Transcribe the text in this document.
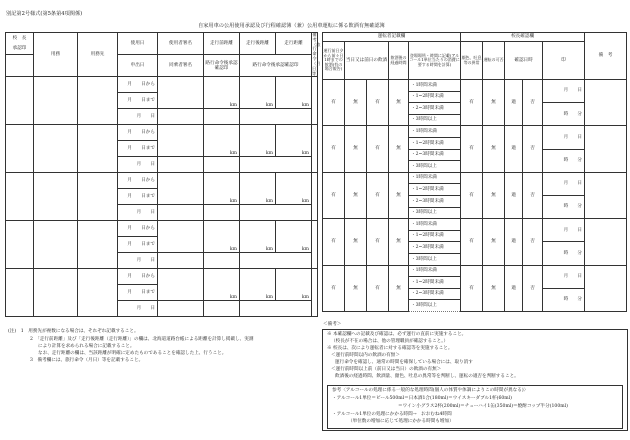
別記第2号様式(第5条第4項関係)
自家用車の公用使用承認及び行程確認簿（兼）公用車運転に係る飲酒有無確認簿
校　長

承認印	用務	用務先	使用日	使用者署名	走行前距離	走行後距離	走行距離	備　考（旅行命令（月日）等）
			申出日	同乗者署名	路行命令後承認確認印	路行命令後承認確認印		
			月　　日から		km	km	km	
			月　　日まで					
			月　　日					
			月　　日から		km	km	km	
			月　　日まで					
			月　　日					
			月　　日から		km	km	km	
			月　　日まで					
			月　　日					
			月　　日から		km	km	km	
			月　　日まで					
			月　　日					
			月　　日から		km	km	km	
			月　　日まで					
			月　　日					
運転者記載欄				校長確認欄				備　考
運行前日夕から前々日1時までの飲酒(有の場合報告)	当日又は前日の飲酒	飲酒後の経過時間	登場場所・時間に記載(アルコール1単位当たりの消費に要する時間を計算)	顔色、吐息等の異常	運転の可否	確認日時	印	
有	無	有	無	・1時間未満	有	無	適	否	月　　日	
				・1~2時間未満						
				・2~3時間未満					時　　分	
				・3時間以上						
有	無	有	無	・1時間未満	有	無	適	否	月　　日	
				・1~2時間未満						
				・2~3時間未満					時　　分	
				・3時間以上						
有	無	有	無	・1時間未満	有	無	適	否	月　　日	
				・1~2時間未満						
				・2~3時間未満					時　　分	
				・3時間以上						
有	無	有	無	・1時間未満	有	無	適	否	月　　日	
				・1~2時間未満						
				・2~3時間未満					時　　分	
				・3時間以上						
有	無	有	無	・1時間未満	有	無	適	否	月　　日	
				・1~2時間未満						
				・2~3時間未満					時　　分	
				・3時間以上						
(注)　1　用務先が複数になる場合は、それぞれ記載すること。
2　「走行前距離」及び「走行後距離（走行距離）」の欄は、北海道道路台帳による距離を計算し掲載し、実測
により計算を求められる場合に記載すること。
なお、走行距離の欄は、当該距離が明確に定めたものであることを確認した上、行うこと。
3　備考欄には、旅行命令（月日）等を記載すること。
＜備考＞
※ 本確認欄への記載及び確認は、必ず運行の直前に実施すること。
（校長が不在の場合は、他の管理職員が確認すること。）
※ 校長は、次により運転者に対する確認等を実施すること。
＜運行前時間以内の飲酒の有無＞
運行命令を確認し、通常の時間を確保している場合には、取り消す
＜運行前時間以上前（前日又は当日）の飲酒の有無＞
飲酒後の経過時間、飲酒量、顔色、吐息の異常等を判断し、運転の適否を判断すること。
参考〈アルコールの処理に係る一般的な処理時間(個人の体質や体調によりこの時間が異なる)〉
・アルコール1単位＝ビール500ml＝日本酒1合(180ml)＝ウイスキーダブル1杯(60ml)
＝ワイン小グラス2杯(200ml)＝チューハイ1缶(350ml)＝焼酎コップ半分(100ml)
・アルコール1単位の処理にかかる時間→　おおむね4時間
（単位数の増加に応じて処理にかかる時間も増加）
